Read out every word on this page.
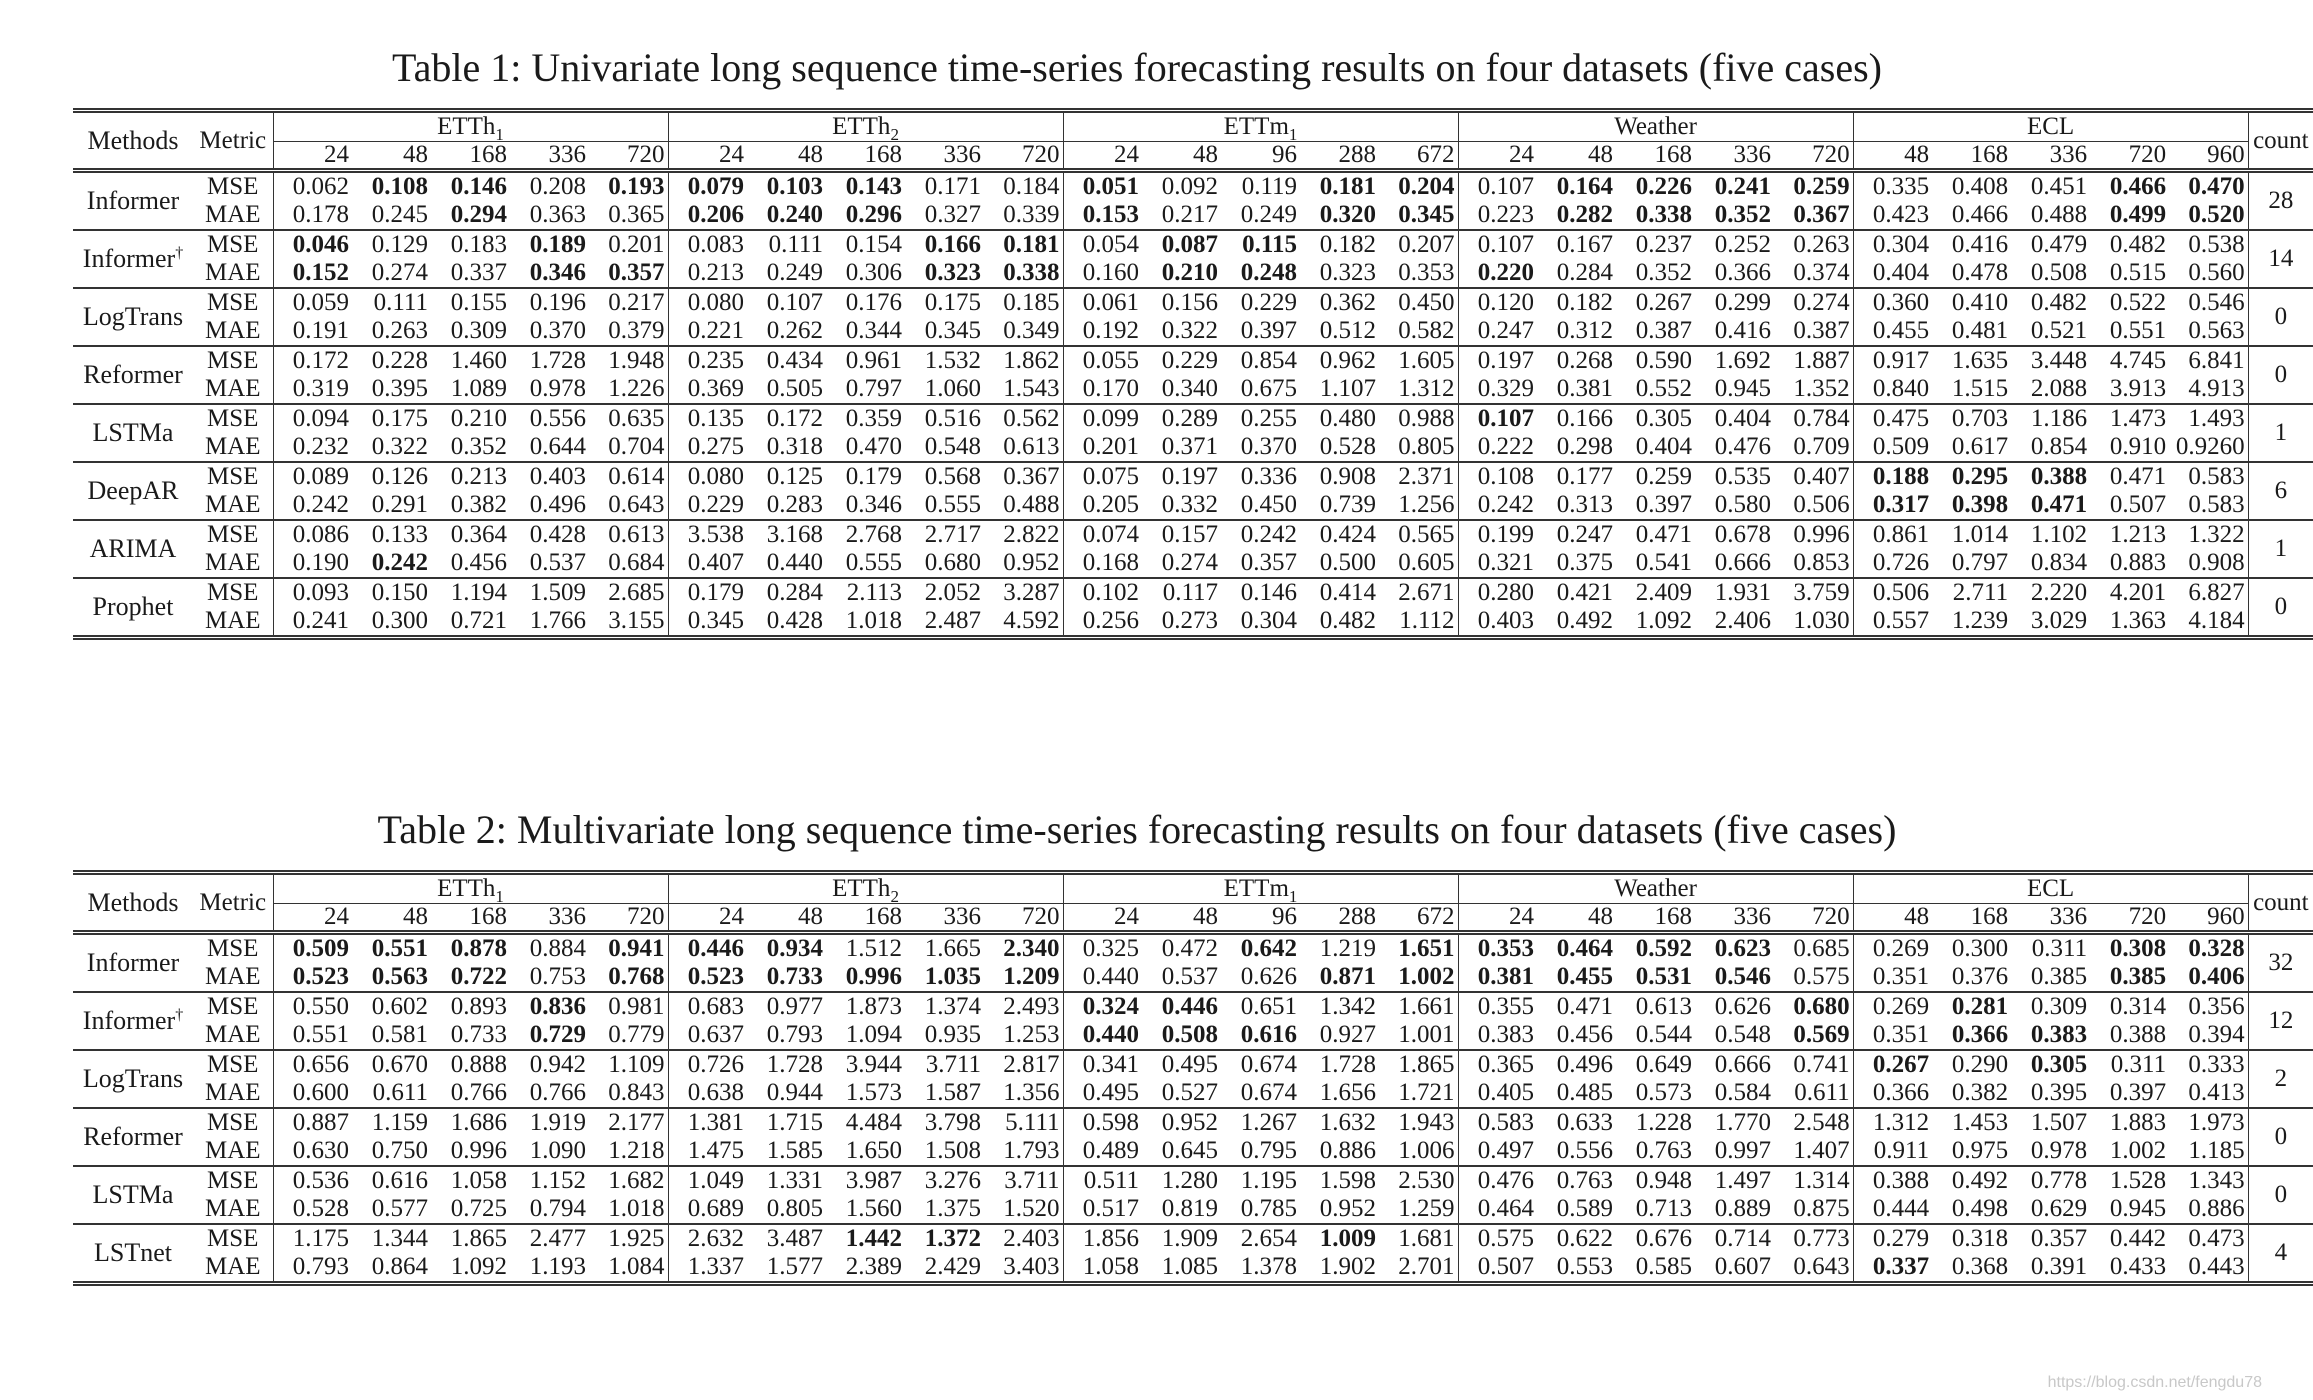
Table 1: Univariate long sequence time-series forecasting results on four datasets (five cases)
Methods	Metric	ETTh$_1$					ETTh$_2$					ETTm$_1$					Weather					ECL					count
		24	48	168	336	720	24	48	168	336	720	24	48	96	288	672	24	48	168	336	720	48	168	336	720	960	
Informer	MSE	0.062	0.108	0.146	0.208	0.193	0.079	0.103	0.143	0.171	0.184	0.051	0.092	0.119	0.181	0.204	0.107	0.164	0.226	0.241	0.259	0.335	0.408	0.451	0.466	0.470	28
	MAE	0.178	0.245	0.294	0.363	0.365	0.206	0.240	0.296	0.327	0.339	0.153	0.217	0.249	0.320	0.345	0.223	0.282	0.338	0.352	0.367	0.423	0.466	0.488	0.499	0.520	
Informer†	MSE	0.046	0.129	0.183	0.189	0.201	0.083	0.111	0.154	0.166	0.181	0.054	0.087	0.115	0.182	0.207	0.107	0.167	0.237	0.252	0.263	0.304	0.416	0.479	0.482	0.538	14
	MAE	0.152	0.274	0.337	0.346	0.357	0.213	0.249	0.306	0.323	0.338	0.160	0.210	0.248	0.323	0.353	0.220	0.284	0.352	0.366	0.374	0.404	0.478	0.508	0.515	0.560	
LogTrans	MSE	0.059	0.111	0.155	0.196	0.217	0.080	0.107	0.176	0.175	0.185	0.061	0.156	0.229	0.362	0.450	0.120	0.182	0.267	0.299	0.274	0.360	0.410	0.482	0.522	0.546	0
	MAE	0.191	0.263	0.309	0.370	0.379	0.221	0.262	0.344	0.345	0.349	0.192	0.322	0.397	0.512	0.582	0.247	0.312	0.387	0.416	0.387	0.455	0.481	0.521	0.551	0.563	
Reformer	MSE	0.172	0.228	1.460	1.728	1.948	0.235	0.434	0.961	1.532	1.862	0.055	0.229	0.854	0.962	1.605	0.197	0.268	0.590	1.692	1.887	0.917	1.635	3.448	4.745	6.841	0
	MAE	0.319	0.395	1.089	0.978	1.226	0.369	0.505	0.797	1.060	1.543	0.170	0.340	0.675	1.107	1.312	0.329	0.381	0.552	0.945	1.352	0.840	1.515	2.088	3.913	4.913	
LSTMa	MSE	0.094	0.175	0.210	0.556	0.635	0.135	0.172	0.359	0.516	0.562	0.099	0.289	0.255	0.480	0.988	0.107	0.166	0.305	0.404	0.784	0.475	0.703	1.186	1.473	1.493	1
	MAE	0.232	0.322	0.352	0.644	0.704	0.275	0.318	0.470	0.548	0.613	0.201	0.371	0.370	0.528	0.805	0.222	0.298	0.404	0.476	0.709	0.509	0.617	0.854	0.910	0.9260	
DeepAR	MSE	0.089	0.126	0.213	0.403	0.614	0.080	0.125	0.179	0.568	0.367	0.075	0.197	0.336	0.908	2.371	0.108	0.177	0.259	0.535	0.407	0.188	0.295	0.388	0.471	0.583	6
	MAE	0.242	0.291	0.382	0.496	0.643	0.229	0.283	0.346	0.555	0.488	0.205	0.332	0.450	0.739	1.256	0.242	0.313	0.397	0.580	0.506	0.317	0.398	0.471	0.507	0.583	
ARIMA	MSE	0.086	0.133	0.364	0.428	0.613	3.538	3.168	2.768	2.717	2.822	0.074	0.157	0.242	0.424	0.565	0.199	0.247	0.471	0.678	0.996	0.861	1.014	1.102	1.213	1.322	1
	MAE	0.190	0.242	0.456	0.537	0.684	0.407	0.440	0.555	0.680	0.952	0.168	0.274	0.357	0.500	0.605	0.321	0.375	0.541	0.666	0.853	0.726	0.797	0.834	0.883	0.908	
Prophet	MSE	0.093	0.150	1.194	1.509	2.685	0.179	0.284	2.113	2.052	3.287	0.102	0.117	0.146	0.414	2.671	0.280	0.421	2.409	1.931	3.759	0.506	2.711	2.220	4.201	6.827	0
	MAE	0.241	0.300	0.721	1.766	3.155	0.345	0.428	1.018	2.487	4.592	0.256	0.273	0.304	0.482	1.112	0.403	0.492	1.092	2.406	1.030	0.557	1.239	3.029	1.363	4.184	
Table 2: Multivariate long sequence time-series forecasting results on four datasets (five cases)
Methods	Metric	ETTh$_1$					ETTh$_2$					ETTm$_1$					Weather					ECL					count
		24	48	168	336	720	24	48	168	336	720	24	48	96	288	672	24	48	168	336	720	48	168	336	720	960	
Informer	MSE	0.509	0.551	0.878	0.884	0.941	0.446	0.934	1.512	1.665	2.340	0.325	0.472	0.642	1.219	1.651	0.353	0.464	0.592	0.623	0.685	0.269	0.300	0.311	0.308	0.328	32
	MAE	0.523	0.563	0.722	0.753	0.768	0.523	0.733	0.996	1.035	1.209	0.440	0.537	0.626	0.871	1.002	0.381	0.455	0.531	0.546	0.575	0.351	0.376	0.385	0.385	0.406	
Informer†	MSE	0.550	0.602	0.893	0.836	0.981	0.683	0.977	1.873	1.374	2.493	0.324	0.446	0.651	1.342	1.661	0.355	0.471	0.613	0.626	0.680	0.269	0.281	0.309	0.314	0.356	12
	MAE	0.551	0.581	0.733	0.729	0.779	0.637	0.793	1.094	0.935	1.253	0.440	0.508	0.616	0.927	1.001	0.383	0.456	0.544	0.548	0.569	0.351	0.366	0.383	0.388	0.394	
LogTrans	MSE	0.656	0.670	0.888	0.942	1.109	0.726	1.728	3.944	3.711	2.817	0.341	0.495	0.674	1.728	1.865	0.365	0.496	0.649	0.666	0.741	0.267	0.290	0.305	0.311	0.333	2
	MAE	0.600	0.611	0.766	0.766	0.843	0.638	0.944	1.573	1.587	1.356	0.495	0.527	0.674	1.656	1.721	0.405	0.485	0.573	0.584	0.611	0.366	0.382	0.395	0.397	0.413	
Reformer	MSE	0.887	1.159	1.686	1.919	2.177	1.381	1.715	4.484	3.798	5.111	0.598	0.952	1.267	1.632	1.943	0.583	0.633	1.228	1.770	2.548	1.312	1.453	1.507	1.883	1.973	0
	MAE	0.630	0.750	0.996	1.090	1.218	1.475	1.585	1.650	1.508	1.793	0.489	0.645	0.795	0.886	1.006	0.497	0.556	0.763	0.997	1.407	0.911	0.975	0.978	1.002	1.185	
LSTMa	MSE	0.536	0.616	1.058	1.152	1.682	1.049	1.331	3.987	3.276	3.711	0.511	1.280	1.195	1.598	2.530	0.476	0.763	0.948	1.497	1.314	0.388	0.492	0.778	1.528	1.343	0
	MAE	0.528	0.577	0.725	0.794	1.018	0.689	0.805	1.560	1.375	1.520	0.517	0.819	0.785	0.952	1.259	0.464	0.589	0.713	0.889	0.875	0.444	0.498	0.629	0.945	0.886	
LSTnet	MSE	1.175	1.344	1.865	2.477	1.925	2.632	3.487	1.442	1.372	2.403	1.856	1.909	2.654	1.009	1.681	0.575	0.622	0.676	0.714	0.773	0.279	0.318	0.357	0.442	0.473	4
	MAE	0.793	0.864	1.092	1.193	1.084	1.337	1.577	2.389	2.429	3.403	1.058	1.085	1.378	1.902	2.701	0.507	0.553	0.585	0.607	0.643	0.337	0.368	0.391	0.433	0.443	
https://blog.csdn.net/fengdu78
